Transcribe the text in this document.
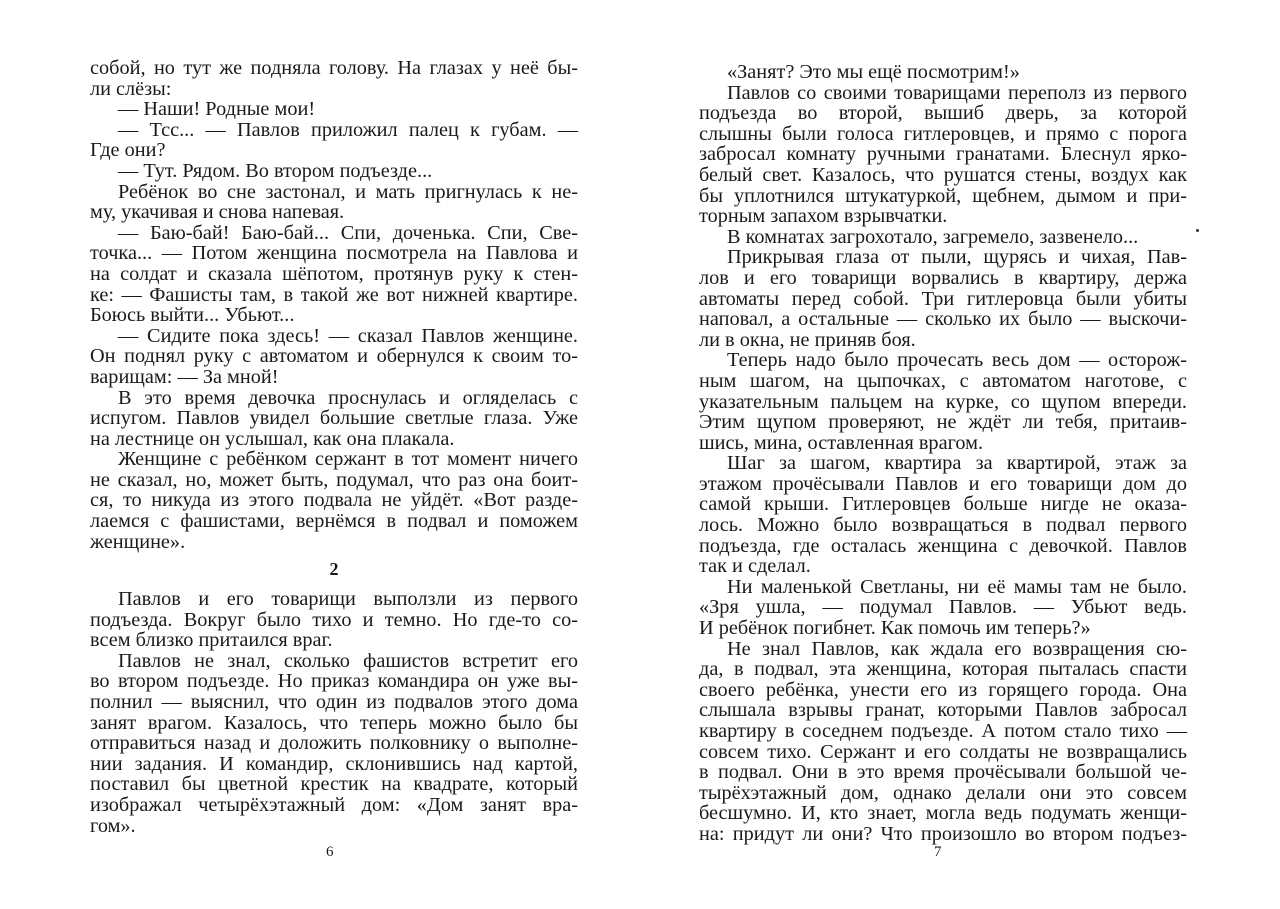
собой, но тут же подняла голову. На глазах у неё бы-
ли слёзы:
— Наши! Родные мои!
— Тсс... — Павлов приложил палец к губам. —
Где они?
— Тут. Рядом. Во втором подъезде...
Ребёнок во сне застонал, и мать пригнулась к не-
му, укачивая и снова напевая.
— Баю-бай! Баю-бай... Спи, доченька. Спи, Све-
точка... — Потом женщина посмотрела на Павлова и
на солдат и сказала шёпотом, протянув руку к стен-
ке: — Фашисты там, в такой же вот нижней квартире.
Боюсь выйти... Убьют...
— Сидите пока здесь! — сказал Павлов женщине.
Он поднял руку с автоматом и обернулся к своим то-
варищам: — За мной!
В это время девочка проснулась и огляделась с
испугом. Павлов увидел большие светлые глаза. Уже
на лестнице он услышал, как она плакала.
Женщине с ребёнком сержант в тот момент ничего
не сказал, но, может быть, подумал, что раз она боит-
ся, то никуда из этого подвала не уйдёт. «Вот разде-
лаемся с фашистами, вернёмся в подвал и поможем
женщине».
2
Павлов и его товарищи выползли из первого
подъезда. Вокруг было тихо и темно. Но где-то со-
всем близко притаился враг.
Павлов не знал, сколько фашистов встретит его
во втором подъезде. Но приказ командира он уже вы-
полнил — выяснил, что один из подвалов этого дома
занят врагом. Казалось, что теперь можно было бы
отправиться назад и доложить полковнику о выполне-
нии задания. И командир, склонившись над картой,
поставил бы цветной крестик на квадрате, который
изображал четырёхэтажный дом: «Дом занят вра-
гом».
6
«Занят? Это мы ещё посмотрим!»
Павлов со своими товарищами переполз из первого
подъезда во второй, вышиб дверь, за которой
слышны были голоса гитлеровцев, и прямо с порога
забросал комнату ручными гранатами. Блеснул ярко-
белый свет. Казалось, что рушатся стены, воздух как
бы уплотнился штукатуркой, щебнем, дымом и при-
торным запахом взрывчатки.
В комнатах загрохотало, загремело, зазвенело...
Прикрывая глаза от пыли, щурясь и чихая, Пав-
лов и его товарищи ворвались в квартиру, держа
автоматы перед собой. Три гитлеровца были убиты
наповал, а остальные — сколько их было — выскочи-
ли в окна, не приняв боя.
Теперь надо было прочесать весь дом — осторож-
ным шагом, на цыпочках, с автоматом наготове, с
указательным пальцем на курке, со щупом впереди.
Этим щупом проверяют, не ждёт ли тебя, притаив-
шись, мина, оставленная врагом.
Шаг за шагом, квартира за квартирой, этаж за
этажом прочёсывали Павлов и его товарищи дом до
самой крыши. Гитлеровцев больше нигде не оказа-
лось. Можно было возвращаться в подвал первого
подъезда, где осталась женщина с девочкой. Павлов
так и сделал.
Ни маленькой Светланы, ни её мамы там не было.
«Зря ушла, — подумал Павлов. — Убьют ведь.
И ребёнок погибнет. Как помочь им теперь?»
Не знал Павлов, как ждала его возвращения сю-
да, в подвал, эта женщина, которая пыталась спасти
своего ребёнка, унести его из горящего города. Она
слышала взрывы гранат, которыми Павлов забросал
квартиру в соседнем подъезде. А потом стало тихо —
совсем тихо. Сержант и его солдаты не возвращались
в подвал. Они в это время прочёсывали большой че-
тырёхэтажный дом, однако делали они это совсем
бесшумно. И, кто знает, могла ведь подумать женщи-
на: придут ли они? Что произошло во втором подъез-
7
